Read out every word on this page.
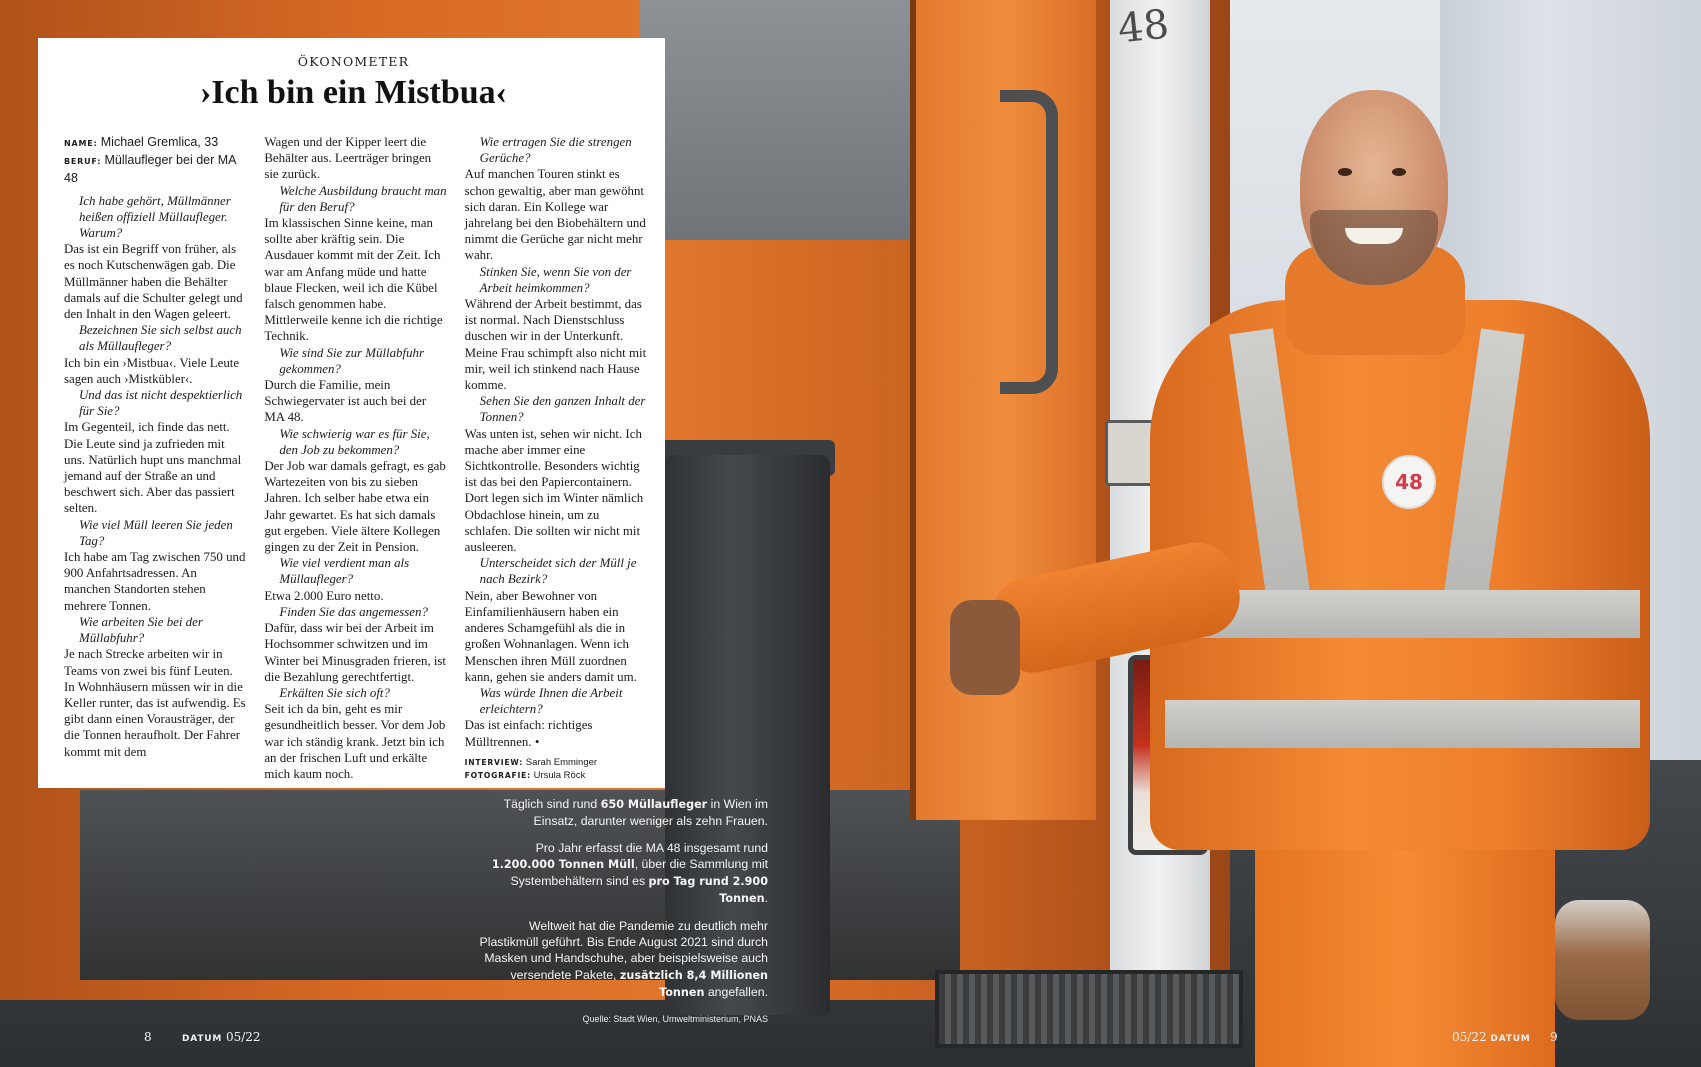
48
48

ÖKONOMETER

›Ich bin ein Mistbua‹
NAME: Michael Gremlica, 33
BERUF: Müllaufleger bei der MA 48

Ich habe gehört, Müllmänner heißen offiziell Müllaufleger. Warum?

Das ist ein Begriff von früher, als es noch Kutschenwägen gab. Die Müllmänner haben die Behälter damals auf die Schulter gelegt und den Inhalt in den Wagen geleert.

Bezeichnen Sie sich selbst auch als Müllaufleger?

Ich bin ein ›Mistbua‹. Viele Leute sagen auch ›Mistkübler‹.

Und das ist nicht despektierlich für Sie?

Im Gegenteil, ich finde das nett. Die Leute sind ja zufrieden mit uns. Natürlich hupt uns manchmal jemand auf der Straße an und beschwert sich. Aber das passiert selten.

Wie viel Müll leeren Sie jeden Tag?

Ich habe am Tag zwischen 750 und 900 Anfahrtsadressen. An manchen Standorten stehen mehrere Tonnen.

Wie arbeiten Sie bei der Müllabfuhr?

Je nach Strecke arbeiten wir in Teams von zwei bis fünf Leuten. In Wohnhäusern müssen wir in die Keller runter, das ist aufwendig. Es gibt dann einen Vorausträger, der die Tonnen heraufholt. Der Fahrer kommt mit dem

Wagen und der Kipper leert die Behälter aus. Leerträger bringen sie zurück.

Welche Ausbildung braucht man für den Beruf?

Im klassischen Sinne keine, man sollte aber kräftig sein. Die Ausdauer kommt mit der Zeit. Ich war am Anfang müde und hatte blaue Flecken, weil ich die Kübel falsch genommen habe. Mittlerweile kenne ich die richtige Technik.

Wie sind Sie zur Müllabfuhr gekommen?

Durch die Familie, mein Schwiegervater ist auch bei der MA 48.

Wie schwierig war es für Sie, den Job zu bekommen?

Der Job war damals gefragt, es gab Wartezeiten von bis zu sieben Jahren. Ich selber habe etwa ein Jahr gewartet. Es hat sich damals gut ergeben. Viele ältere Kollegen gingen zu der Zeit in Pension.

Wie viel verdient man als Müllaufleger?

Etwa 2.000 Euro netto.

Finden Sie das angemessen?

Dafür, dass wir bei der Arbeit im Hochsommer schwitzen und im Winter bei Minusgraden frieren, ist die Bezahlung gerechtfertigt.

Erkälten Sie sich oft?

Seit ich da bin, geht es mir gesundheitlich besser. Vor dem Job war ich ständig krank. Jetzt bin ich an der frischen Luft und erkälte mich kaum noch.

Wie ertragen Sie die strengen Gerüche?

Auf manchen Touren stinkt es schon gewaltig, aber man gewöhnt sich daran. Ein Kollege war jahrelang bei den Biobehältern und nimmt die Gerüche gar nicht mehr wahr.

Stinken Sie, wenn Sie von der Arbeit heimkommen?

Während der Arbeit bestimmt, das ist normal. Nach Dienstschluss duschen wir in der Unterkunft. Meine Frau schimpft also nicht mit mir, weil ich stinkend nach Hause komme.

Sehen Sie den ganzen Inhalt der Tonnen?

Was unten ist, sehen wir nicht. Ich mache aber immer eine Sichtkontrolle. Besonders wichtig ist das bei den Papiercontainern. Dort legen sich im Winter nämlich Obdachlose hinein, um zu schlafen. Die sollten wir nicht mit ausleeren.

Unterscheidet sich der Müll je nach Bezirk?

Nein, aber Bewohner von Einfamilienhäusern haben ein anderes Schamgefühl als die in großen Wohnanlagen. Wenn ich Menschen ihren Müll zuordnen kann, gehen sie anders damit um.

Was würde Ihnen die Arbeit erleichtern?

Das ist einfach: richtiges Mülltrennen. •

INTERVIEW: Sarah Emminger

FOTOGRAFIE: Ursula Röck

Täglich sind rund 650 Müllaufleger in Wien im Einsatz, darunter weniger als zehn Frauen.

Pro Jahr erfasst die MA 48 insgesamt rund 1.200.000 Tonnen Müll, über die Sammlung mit Systembehältern sind es pro Tag rund 2.900 Tonnen.

Weltweit hat die Pandemie zu deutlich mehr Plastikmüll geführt. Bis Ende August 2021 sind durch Masken und Handschuhe, aber beispielsweise auch versendete Pakete, zusätzlich 8,4 Millionen Tonnen angefallen.

Quelle: Stadt Wien, Umweltministerium, PNAS
8	DATUM 05/22	05/22 DATUM 9
